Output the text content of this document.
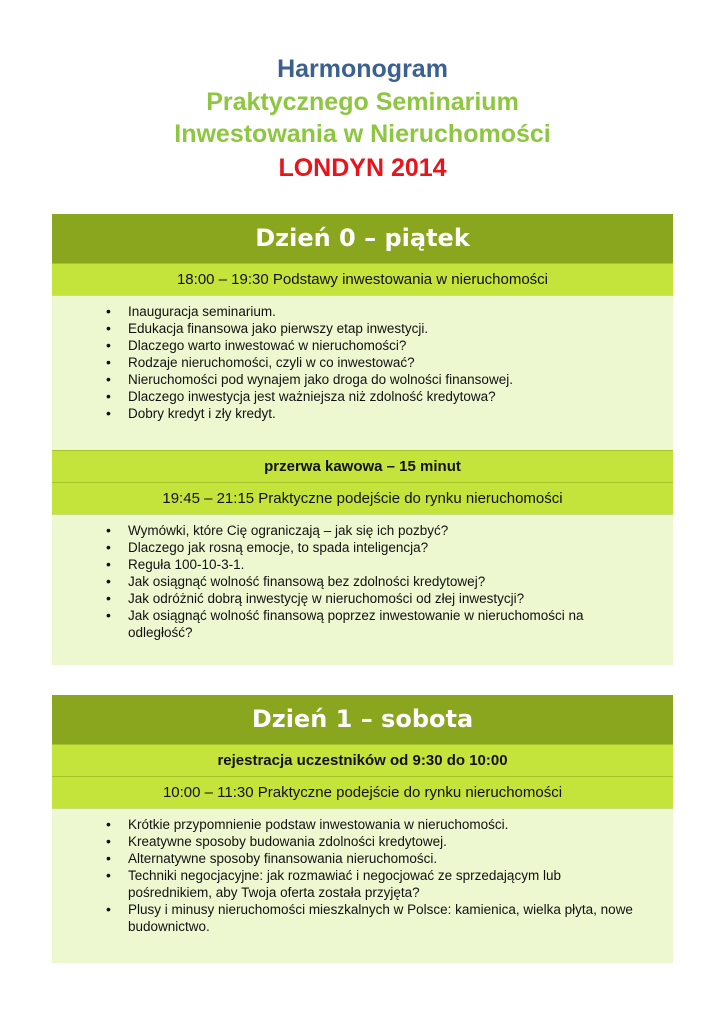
Harmonogram
Praktycznego Seminarium
Inwestowania w Nieruchomości
LONDYN 2014
Dzień 0 – piątek
18:00 – 19:30 Podstawy inwestowania w nieruchomości
• Inauguracja seminarium.
• Edukacja finansowa jako pierwszy etap inwestycji.
• Dlaczego warto inwestować w nieruchomości?
• Rodzaje nieruchomości, czyli w co inwestować?
• Nieruchomości pod wynajem jako droga do wolności finansowej.
• Dlaczego inwestycja jest ważniejsza niż zdolność kredytowa?
• Dobry kredyt i zły kredyt.
przerwa kawowa – 15 minut
19:45 – 21:15 Praktyczne podejście do rynku nieruchomości
• Wymówki, które Cię ograniczają – jak się ich pozbyć?
• Dlaczego jak rosną emocje, to spada inteligencja?
• Reguła 100-10-3-1.
• Jak osiągnąć wolność finansową bez zdolności kredytowej?
• Jak odróżnić dobrą inwestycję w nieruchomości od złej inwestycji?
• Jak osiągnąć wolność finansową poprzez inwestowanie w nieruchomości na odległość?
Dzień 1 – sobota
rejestracja uczestników od 9:30 do 10:00
10:00 – 11:30 Praktyczne podejście do rynku nieruchomości
• Krótkie przypomnienie podstaw inwestowania w nieruchomości.
• Kreatywne sposoby budowania zdolności kredytowej.
• Alternatywne sposoby finansowania nieruchomości.
• Techniki negocjacyjne: jak rozmawiać i negocjować ze sprzedającym lub pośrednikiem, aby Twoja oferta została przyjęta?
• Plusy i minusy nieruchomości mieszkalnych w Polsce: kamienica, wielka płyta, nowe budownictwo.
